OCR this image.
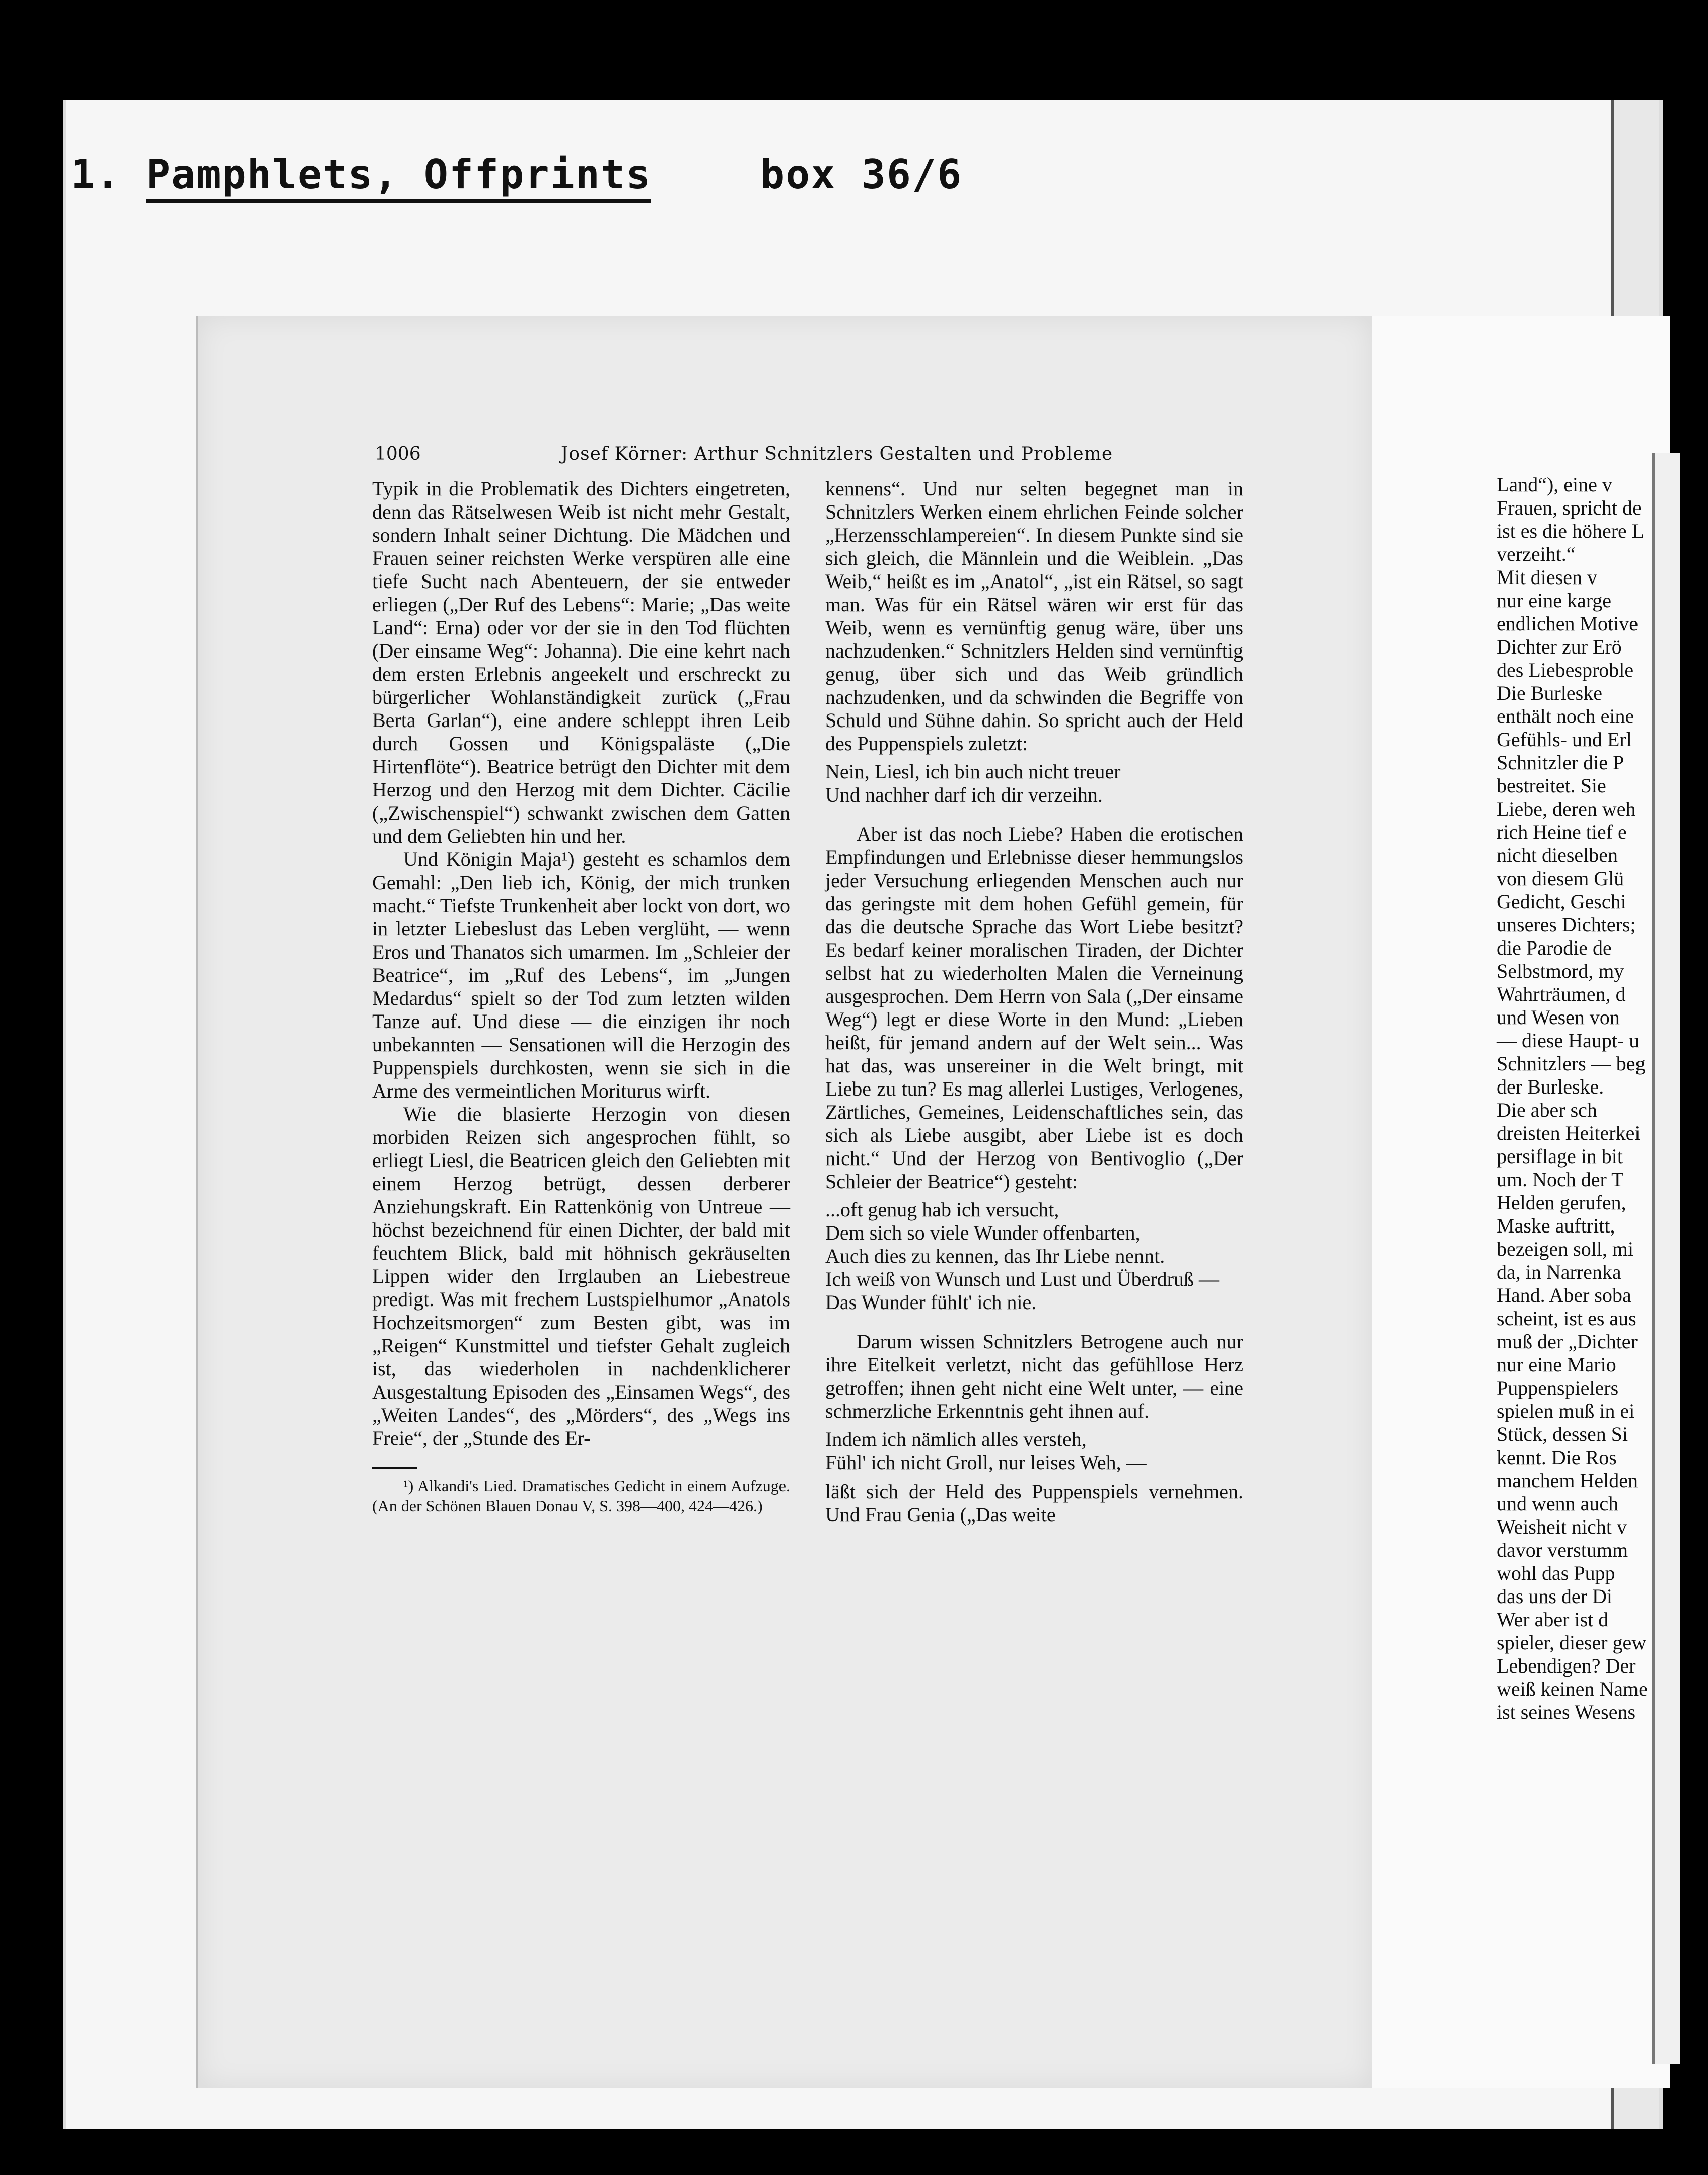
1. Pamphlets, Offprints	box 36/6
1006	Josef Körner: Arthur Schnitzlers Gestalten und Probleme

Typik in die Problematik des Dichters eingetreten, denn das Rätselwesen Weib ist nicht mehr Gestalt, sondern Inhalt seiner Dichtung. Die Mädchen und Frauen seiner reichsten Werke verspüren alle eine tiefe Sucht nach Abenteuern, der sie entweder erliegen („Der Ruf des Lebens“: Marie; „Das weite Land“: Erna) oder vor der sie in den Tod flüchten (Der einsame Weg“: Johanna). Die eine kehrt nach dem ersten Erlebnis angeekelt und erschreckt zu bürgerlicher Wohlanständigkeit zurück („Frau Berta Garlan“), eine andere schleppt ihren Leib durch Gossen und Königspaläste („Die Hirtenflöte“). Beatrice betrügt den Dichter mit dem Herzog und den Herzog mit dem Dichter. Cäcilie („Zwischenspiel“) schwankt zwischen dem Gatten und dem Geliebten hin und her.

Und Königin Maja¹) gesteht es schamlos dem Gemahl: „Den lieb ich, König, der mich trunken macht.“ Tiefste Trunkenheit aber lockt von dort, wo in letzter Liebeslust das Leben verglüht, — wenn Eros und Thanatos sich umarmen. Im „Schleier der Beatrice“, im „Ruf des Lebens“, im „Jungen Medardus“ spielt so der Tod zum letzten wilden Tanze auf. Und diese — die einzigen ihr noch unbekannten — Sensationen will die Herzogin des Puppenspiels durchkosten, wenn sie sich in die Arme des vermeintlichen Moriturus wirft.

Wie die blasierte Herzogin von diesen morbiden Reizen sich angesprochen fühlt, so erliegt Liesl, die Beatricen gleich den Geliebten mit einem Herzog betrügt, dessen derberer Anziehungskraft. Ein Rattenkönig von Untreue — höchst bezeichnend für einen Dichter, der bald mit feuchtem Blick, bald mit höhnisch gekräuselten Lippen wider den Irrglauben an Liebestreue predigt. Was mit frechem Lustspielhumor „Anatols Hochzeitsmorgen“ zum Besten gibt, was im „Reigen“ Kunstmittel und tiefster Gehalt zugleich ist, das wiederholen in nachdenklicherer Ausgestaltung Episoden des „Einsamen Wegs“, des „Weiten Landes“, des „Mörders“, des „Wegs ins Freie“, der „Stunde des Er-

¹) Alkandi's Lied. Dramatisches Gedicht in einem Aufzuge. (An der Schönen Blauen Donau V, S. 398—400, 424—426.)

kennens“. Und nur selten begegnet man in Schnitzlers Werken einem ehrlichen Feinde solcher „Herzensschlampereien“. In diesem Punkte sind sie sich gleich, die Männlein und die Weiblein. „Das Weib,“ heißt es im „Anatol“, „ist ein Rätsel, so sagt man. Was für ein Rätsel wären wir erst für das Weib, wenn es vernünftig genug wäre, über uns nachzudenken.“ Schnitzlers Helden sind vernünftig genug, über sich und das Weib gründlich nachzudenken, und da schwinden die Begriffe von Schuld und Sühne dahin. So spricht auch der Held des Puppenspiels zuletzt:

Nein, Liesl, ich bin auch nicht treuer
Und nachher darf ich dir verzeihn.

Aber ist das noch Liebe? Haben die erotischen Empfindungen und Erlebnisse dieser hemmungslos jeder Versuchung erliegenden Menschen auch nur das geringste mit dem hohen Gefühl gemein, für das die deutsche Sprache das Wort Liebe besitzt? Es bedarf keiner moralischen Tiraden, der Dichter selbst hat zu wiederholten Malen die Verneinung ausgesprochen. Dem Herrn von Sala („Der einsame Weg“) legt er diese Worte in den Mund: „Lieben heißt, für jemand andern auf der Welt sein... Was hat das, was unsereiner in die Welt bringt, mit Liebe zu tun? Es mag allerlei Lustiges, Verlogenes, Zärtliches, Gemeines, Leidenschaftliches sein, das sich als Liebe ausgibt, aber Liebe ist es doch nicht.“ Und der Herzog von Bentivoglio („Der Schleier der Beatrice“) gesteht:

...oft genug hab ich versucht,
Dem sich so viele Wunder offenbarten,
Auch dies zu kennen, das Ihr Liebe nennt.
Ich weiß von Wunsch und Lust und Überdruß —
Das Wunder fühlt' ich nie.

Darum wissen Schnitzlers Betrogene auch nur ihre Eitelkeit verletzt, nicht das gefühllose Herz getroffen; ihnen geht nicht eine Welt unter, — eine schmerzliche Erkenntnis geht ihnen auf.

Indem ich nämlich alles versteh,
Fühl' ich nicht Groll, nur leises Weh, —

läßt sich der Held des Puppenspiels vernehmen. Und Frau Genia („Das weite

Land“), eine v
Frauen, spricht de
ist es die höhere L
verzeiht.“
Mit diesen v
nur eine karge
endlichen Motive
Dichter zur Erö
des Liebesproble
Die Burleske
enthält noch eine
Gefühls- und Erl
Schnitzler die P
bestreitet. Sie
Liebe, deren weh
rich Heine tief e
nicht dieselben
von diesem Glü
Gedicht, Geschi
unseres Dichters;
die Parodie de
Selbstmord, my
Wahrträumen, d
und Wesen von
— diese Haupt- u
Schnitzlers — beg
der Burleske.
Die aber sch
dreisten Heiterkei
persiflage in bit
um. Noch der T
Helden gerufen,
Maske auftritt,
bezeigen soll, mi
da, in Narrenka
Hand. Aber soba
scheint, ist es aus
muß der „Dichter
nur eine Mario
Puppenspielers
spielen muß in ei
Stück, dessen Si
kennt. Die Ros
manchem Helden
und wenn auch
Weisheit nicht v
davor verstumm
wohl das Pupp
das uns der Di
Wer aber ist d
spieler, dieser gew
Lebendigen? Der
weiß keinen Name
ist seines Wesens
